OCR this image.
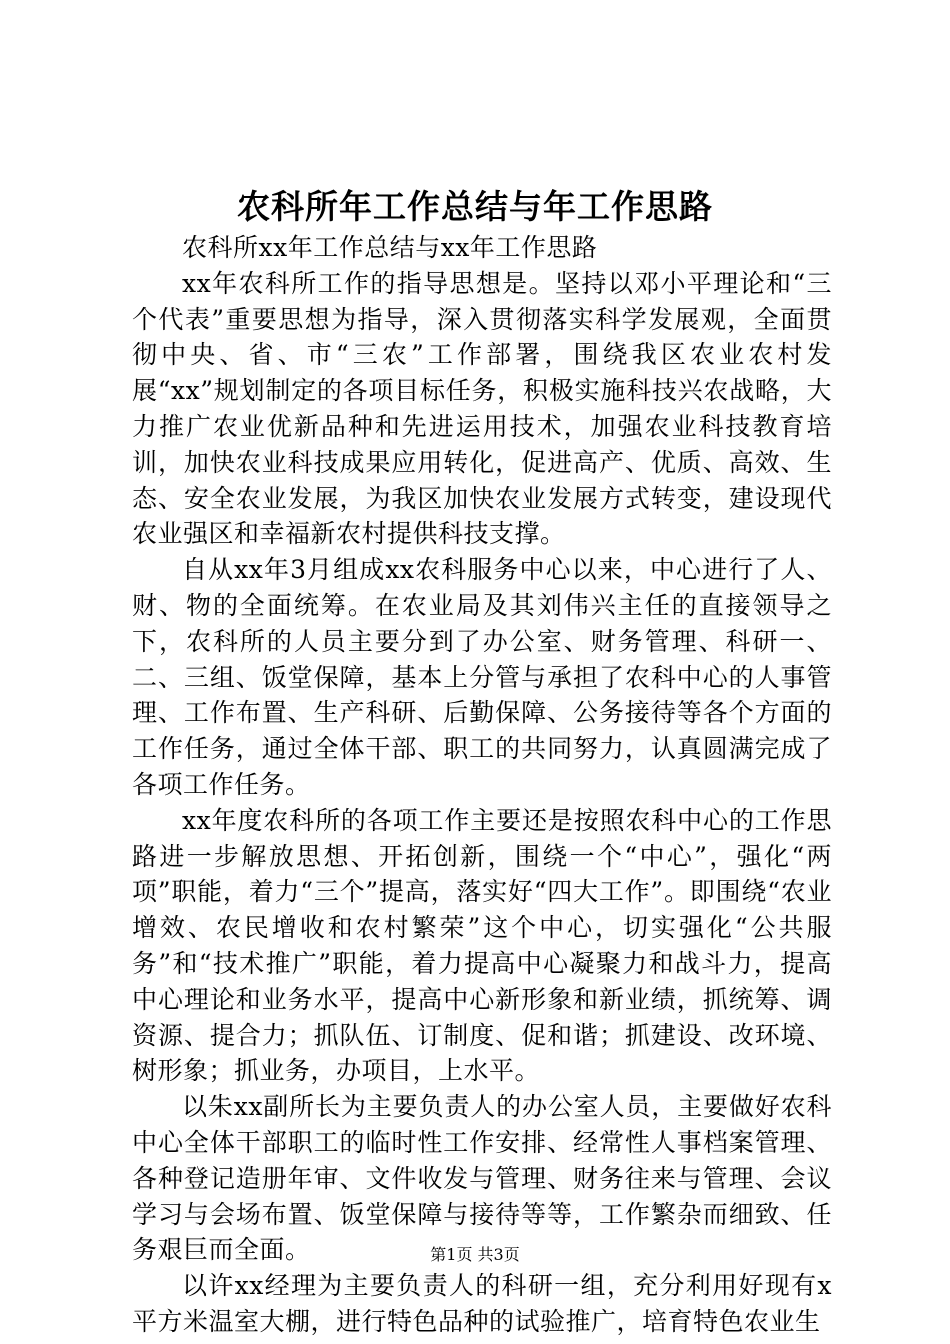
农科所年工作总结与年工作思路

农科所xx年工作总结与xx年工作思路

xx年农科所工作的指导思想是。坚持以邓小平理论和“三个代表”重要思想为指导，深入贯彻落实科学发展观，全面贯彻中央、省、市“三农”工作部署，围绕我区农业农村发展“xx”规划制定的各项目标任务，积极实施科技兴农战略，大力推广农业优新品种和先进运用技术，加强农业科技教育培训，加快农业科技成果应用转化，促进高产、优质、高效、生态、安全农业发展，为我区加快农业发展方式转变，建设现代农业强区和幸福新农村提供科技支撑。

自从xx年3月组成xx农科服务中心以来，中心进行了人、财、物的全面统筹。在农业局及其刘伟兴主任的直接领导之下，农科所的人员主要分到了办公室、财务管理、科研一、二、三组、饭堂保障，基本上分管与承担了农科中心的人事管理、工作布置、生产科研、后勤保障、公务接待等各个方面的工作任务，通过全体干部、职工的共同努力，认真圆满完成了各项工作任务。

xx年度农科所的各项工作主要还是按照农科中心的工作思路进一步解放思想、开拓创新，围绕一个“中心”，强化“两项”职能，着力“三个”提高，落实好“四大工作”。即围绕“农业增效、农民增收和农村繁荣”这个中心，切实强化“公共服务”和“技术推广”职能，着力提高中心凝聚力和战斗力，提高中心理论和业务水平，提高中心新形象和新业绩，抓统筹、调资源、提合力；抓队伍、订制度、促和谐；抓建设、改环境、树形象；抓业务，办项目，上水平。

以朱xx副所长为主要负责人的办公室人员，主要做好农科中心全体干部职工的临时性工作安排、经常性人事档案管理、各种登记造册年审、文件收发与管理、财务往来与管理、会议学习与会场布置、饭堂保障与接待等等，工作繁杂而细致、任务艰巨而全面。

以许xx经理为主要负责人的科研一组，充分利用好现有x平方米温室大棚，进行特色品种的试验推广，培育特色农业生

第1页 共3页
